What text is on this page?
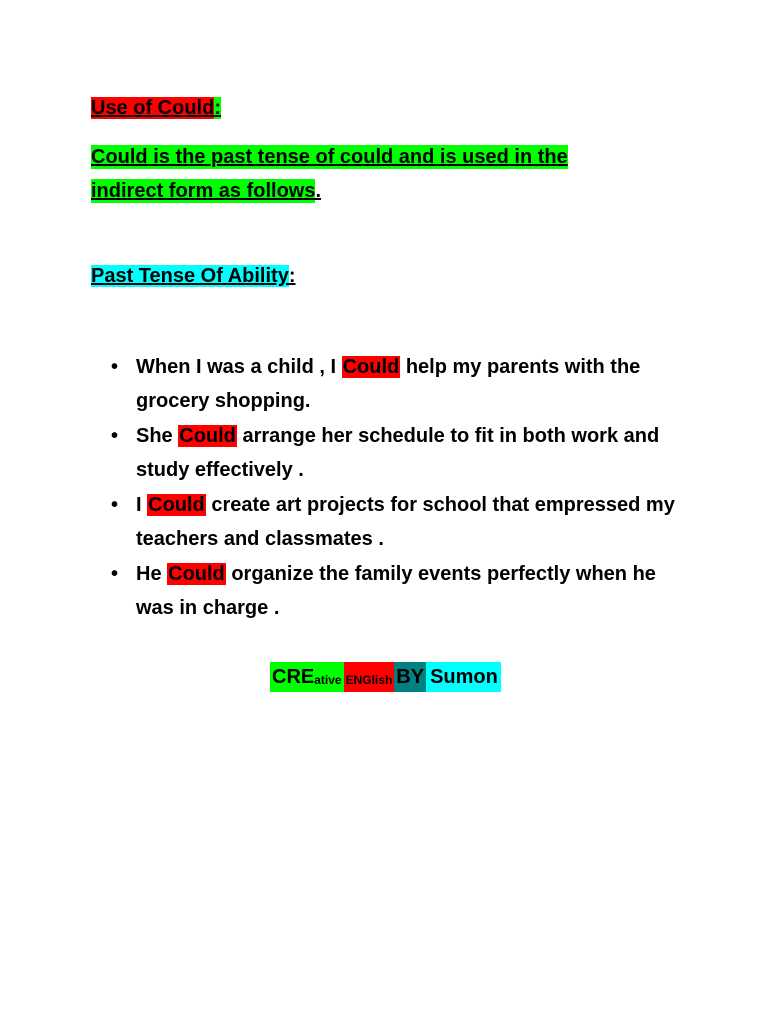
Use of Could:
Could is the past tense of could and is used in the indirect form as follows.
Past Tense Of Ability:
• When I was a child , I Could help my parents with the grocery shopping.
• She Could arrange her schedule to fit in both work and study effectively .
• I Could create art projects for school that empressed my teachers and classmates .
• He Could organize the family events perfectly when he was in charge .
CRE ative ENGlish BY Sumon
